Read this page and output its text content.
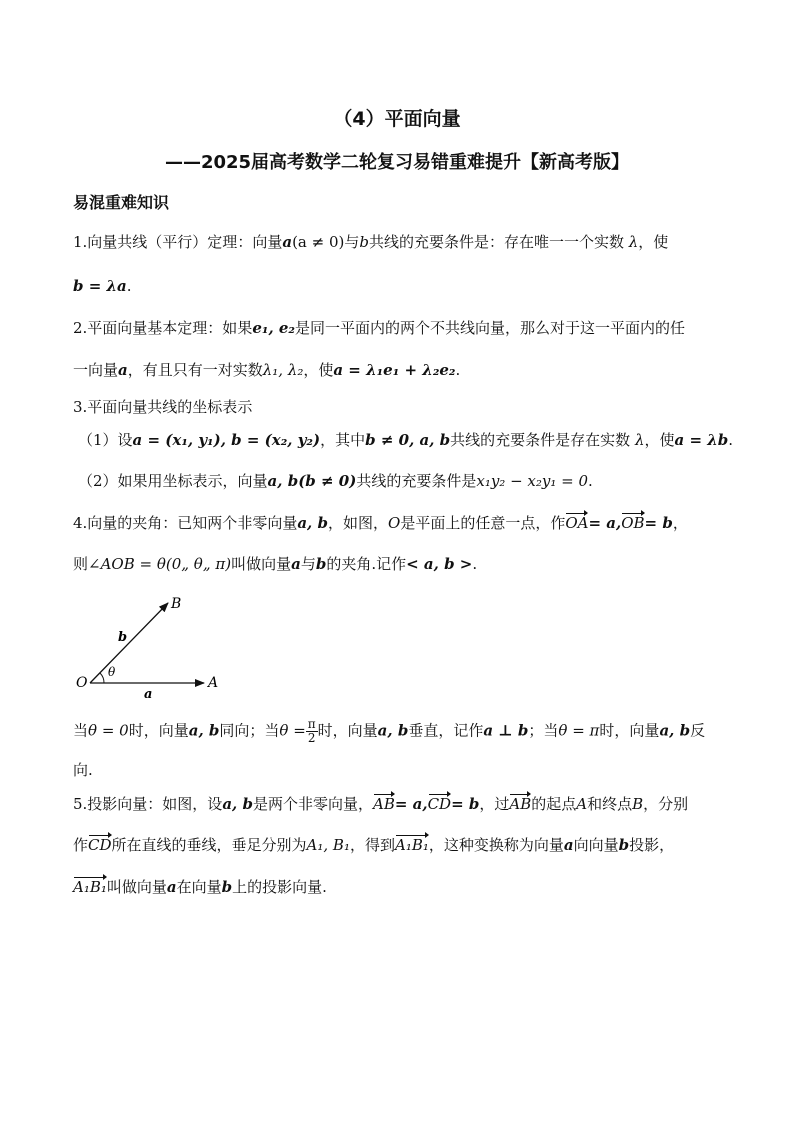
（4）平面向量
——2025届高考数学二轮复习易错重难提升【新高考版】
易混重难知识
1.向量共线（平行）定理：向量a(a ≠ 0)与b共线的充要条件是：存在唯一一个实数 λ，使
b = λa.
2.平面向量基本定理：如果e₁, e₂是同一平面内的两个不共线向量，那么对于这一平面内的任
一向量a，有且只有一对实数λ₁, λ₂，使a = λ₁e₁ + λ₂e₂.
3.平面向量共线的坐标表示
（1）设a = (x₁, y₁), b = (x₂, y₂)，其中b ≠ 0, a, b共线的充要条件是存在实数 λ，使a = λb.
（2）如果用坐标表示，向量a, b(b ≠ 0)共线的充要条件是x₁y₂ − x₂y₁ = 0.
4.向量的夹角：已知两个非零向量a, b，如图，O是平面上的任意一点，作OA= a,OB= b，
则∠AOB = θ(0„ θ„ π)叫做向量a与b的夹角.记作< a, b >.
O	A
B
a
b
θ
当θ = 0时，向量a, b同向；当$\theta = \frac{\pi}{2}$ 时，向量a, b垂直，记作a ⊥ b；当θ = π时，向量a, b反
向.
5.投影向量：如图，设a, b是两个非零向量，AB= a,CD= b，过AB的起点A和终点B，分别
作CD所在直线的垂线，垂足分别为A₁, B₁，得到A₁B₁，这种变换称为向量a向向量b投影，
A₁B₁叫做向量a在向量b上的投影向量.
